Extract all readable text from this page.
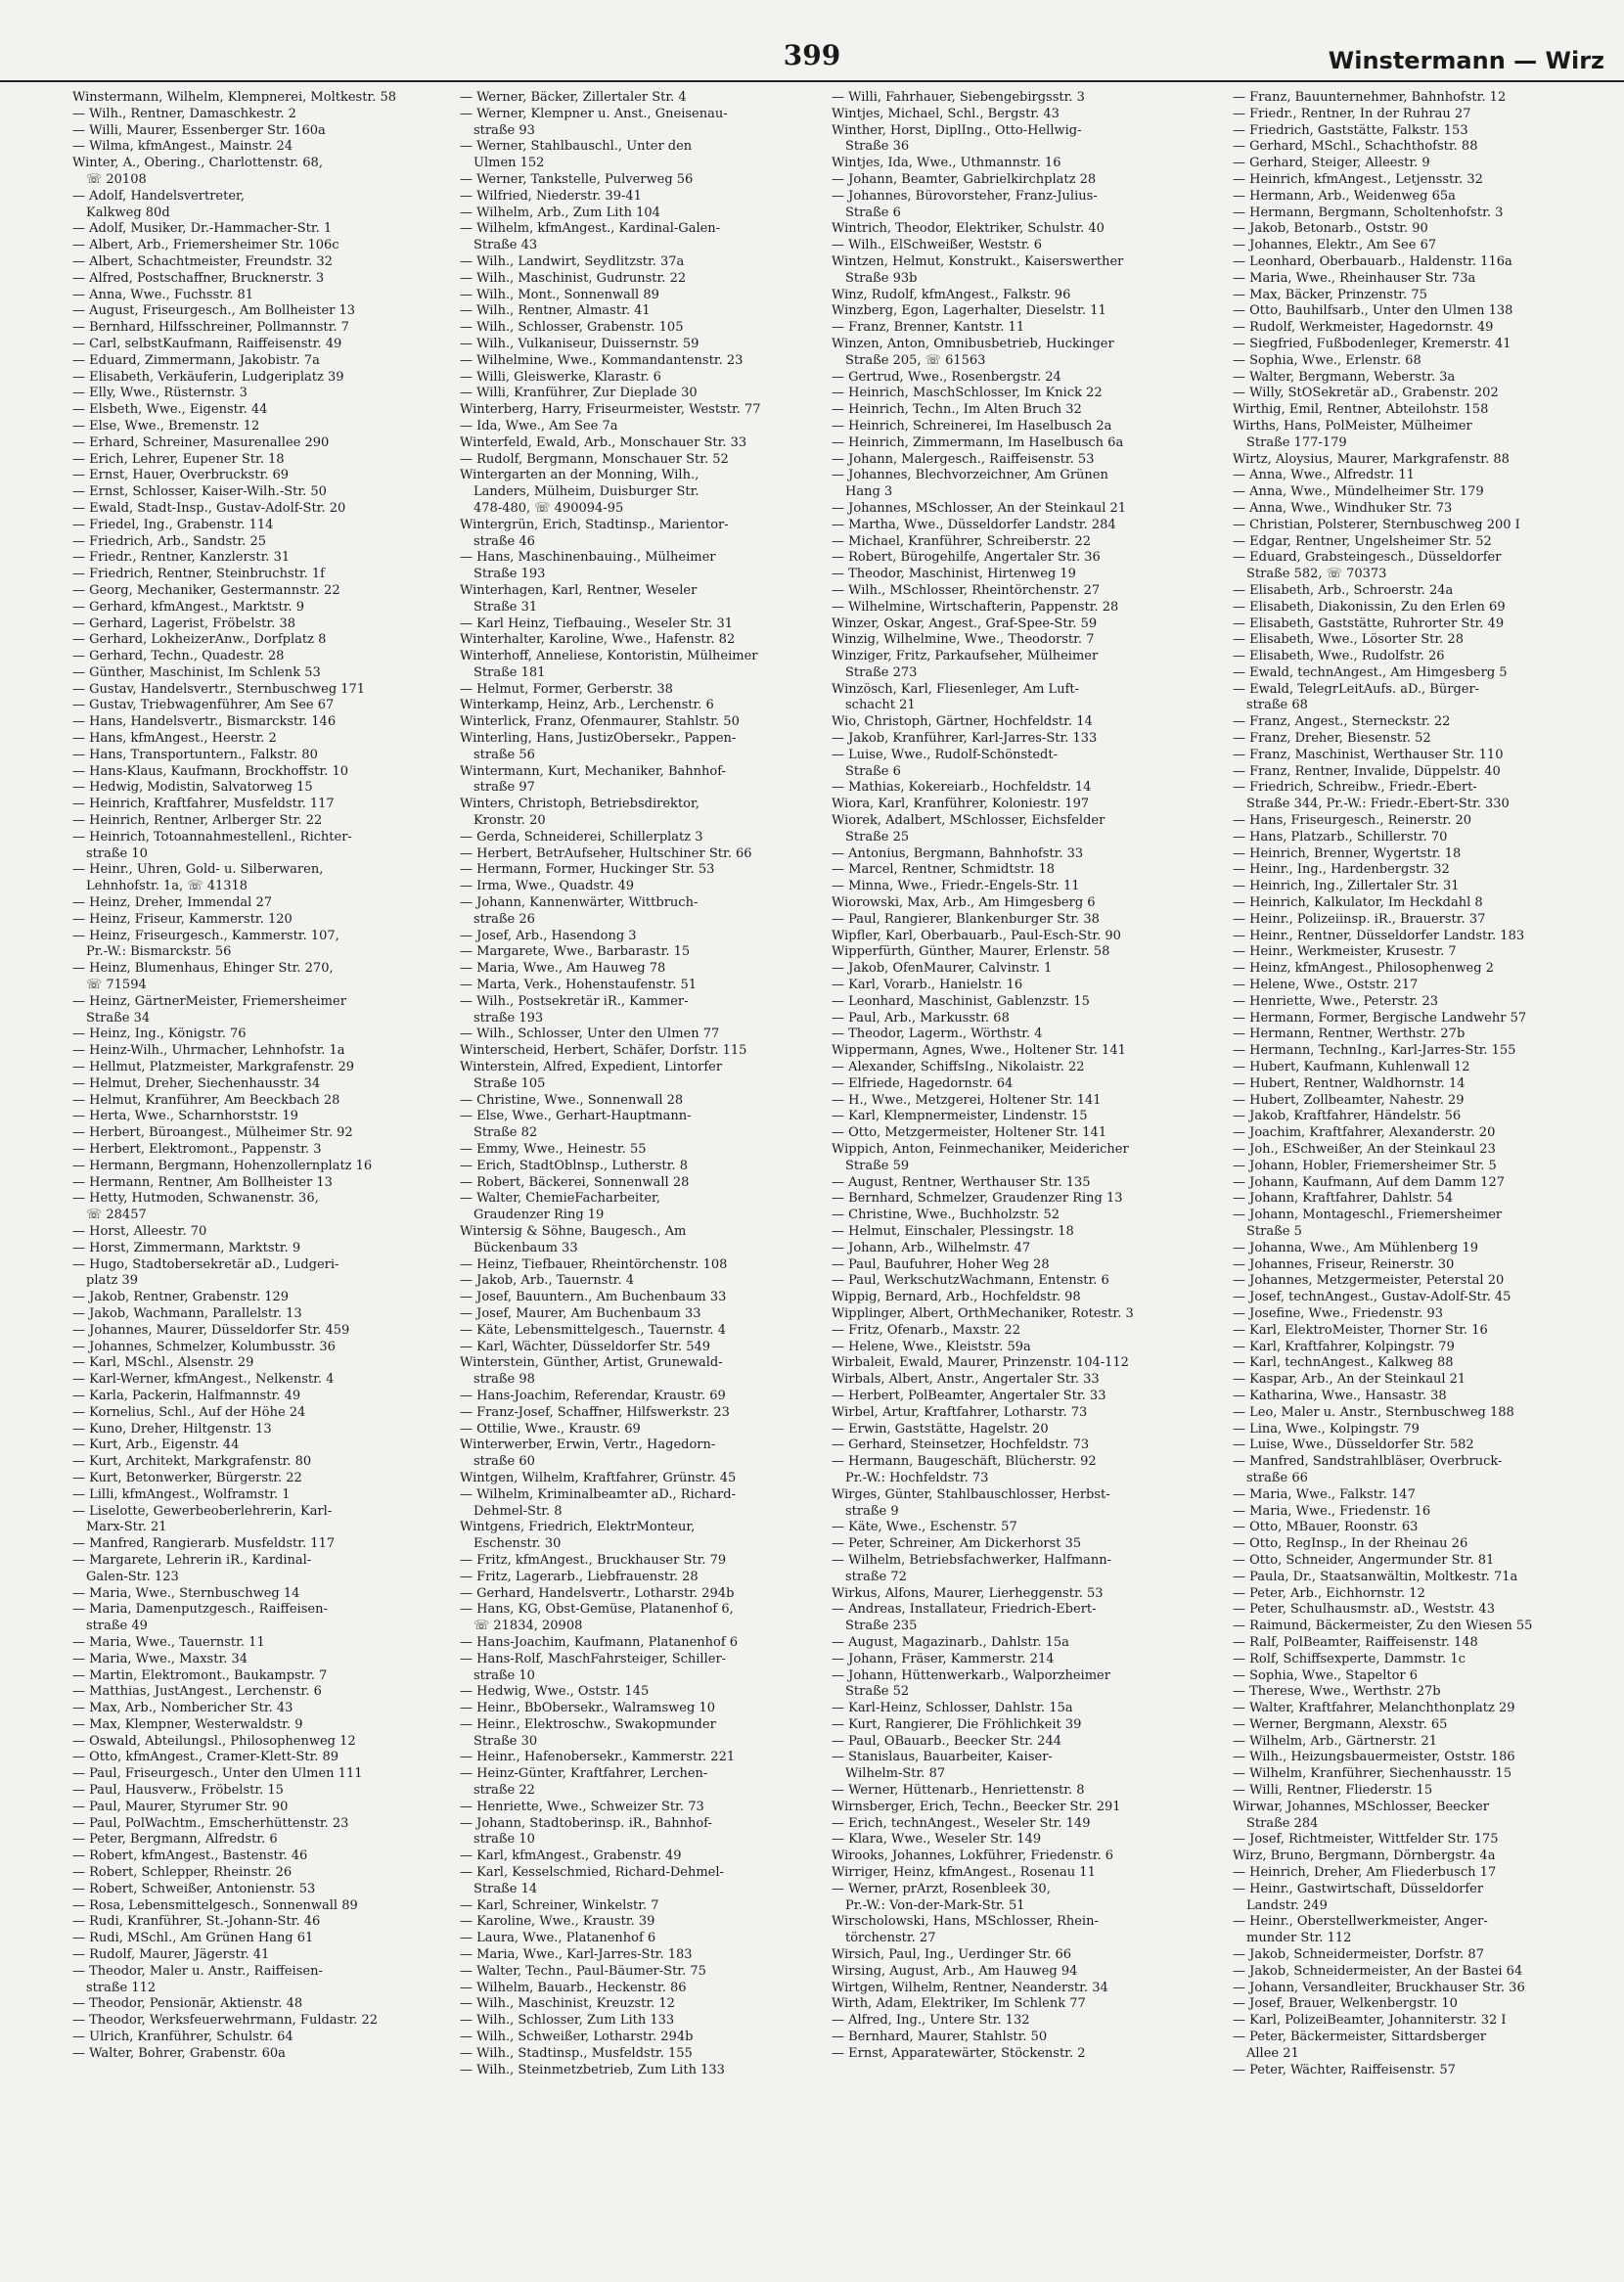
399	Winstermann — Wirz
Winstermann, Wilhelm, Klempnerei, Moltkestr. 58
— Wilh., Rentner, Damaschkestr. 2
— Willi, Maurer, Essenberger Str. 160a
— Wilma, kfmAngest., Mainstr. 24
Winter, A., Obering., Charlottenstr. 68,
☏ 20108
— Adolf, Handelsvertreter,
Kalkweg 80d
— Adolf, Musiker, Dr.-Hammacher-Str. 1
— Albert, Arb., Friemersheimer Str. 106c
— Albert, Schachtmeister, Freundstr. 32
— Alfred, Postschaffner, Brucknerstr. 3
— Anna, Wwe., Fuchsstr. 81
— August, Friseurgesch., Am Bollheister 13
— Bernhard, Hilfsschreiner, Pollmannstr. 7
— Carl, selbstKaufmann, Raiffeisenstr. 49
— Eduard, Zimmermann, Jakobistr. 7a
— Elisabeth, Verkäuferin, Ludgeriplatz 39
— Elly, Wwe., Rüsternstr. 3
— Elsbeth, Wwe., Eigenstr. 44
— Else, Wwe., Bremenstr. 12
— Erhard, Schreiner, Masurenallee 290
— Erich, Lehrer, Eupener Str. 18
— Ernst, Hauer, Overbruckstr. 69
— Ernst, Schlosser, Kaiser-Wilh.-Str. 50
— Ewald, Stadt-Insp., Gustav-Adolf-Str. 20
— Friedel, Ing., Grabenstr. 114
— Friedrich, Arb., Sandstr. 25
— Friedr., Rentner, Kanzlerstr. 31
— Friedrich, Rentner, Steinbruchstr. 1f
— Georg, Mechaniker, Gestermannstr. 22
— Gerhard, kfmAngest., Marktstr. 9
— Gerhard, Lagerist, Fröbelstr. 38
— Gerhard, LokheizerAnw., Dorfplatz 8
— Gerhard, Techn., Quadestr. 28
— Günther, Maschinist, Im Schlenk 53
— Gustav, Handelsvertr., Sternbuschweg 171
— Gustav, Triebwagenführer, Am See 67
— Hans, Handelsvertr., Bismarckstr. 146
— Hans, kfmAngest., Heerstr. 2
— Hans, Transportuntern., Falkstr. 80
— Hans-Klaus, Kaufmann, Brockhoffstr. 10
— Hedwig, Modistin, Salvatorweg 15
— Heinrich, Kraftfahrer, Musfeldstr. 117
— Heinrich, Rentner, Arlberger Str. 22
— Heinrich, Totoannahmestellenl., Richter-
straße 10
— Heinr., Uhren, Gold- u. Silberwaren,
Lehnhofstr. 1a, ☏ 41318
— Heinz, Dreher, Immendal 27
— Heinz, Friseur, Kammerstr. 120
— Heinz, Friseurgesch., Kammerstr. 107,
Pr.-W.: Bismarckstr. 56
— Heinz, Blumenhaus, Ehinger Str. 270,
☏ 71594
— Heinz, GärtnerMeister, Friemersheimer
Straße 34
— Heinz, Ing., Königstr. 76
— Heinz-Wilh., Uhrmacher, Lehnhofstr. 1a
— Hellmut, Platzmeister, Markgrafenstr. 29
— Helmut, Dreher, Siechenhausstr. 34
— Helmut, Kranführer, Am Beeckbach 28
— Herta, Wwe., Scharnhorststr. 19
— Herbert, Büroangest., Mülheimer Str. 92
— Herbert, Elektromont., Pappenstr. 3
— Hermann, Bergmann, Hohenzollernplatz 16
— Hermann, Rentner, Am Bollheister 13
— Hetty, Hutmoden, Schwanenstr. 36,
☏ 28457
— Horst, Alleestr. 70
— Horst, Zimmermann, Marktstr. 9
— Hugo, Stadtobersekretär aD., Ludgeri-
platz 39
— Jakob, Rentner, Grabenstr. 129
— Jakob, Wachmann, Parallelstr. 13
— Johannes, Maurer, Düsseldorfer Str. 459
— Johannes, Schmelzer, Kolumbusstr. 36
— Karl, MSchl., Alsenstr. 29
— Karl-Werner, kfmAngest., Nelkenstr. 4
— Karla, Packerin, Halfmannstr. 49
— Kornelius, Schl., Auf der Höhe 24
— Kuno, Dreher, Hiltgenstr. 13
— Kurt, Arb., Eigenstr. 44
— Kurt, Architekt, Markgrafenstr. 80
— Kurt, Betonwerker, Bürgerstr. 22
— Lilli, kfmAngest., Wolframstr. 1
— Liselotte, Gewerbeoberlehrerin, Karl-
Marx-Str. 21
— Manfred, Rangierarb. Musfeldstr. 117
— Margarete, Lehrerin iR., Kardinal-
Galen-Str. 123
— Maria, Wwe., Sternbuschweg 14
— Maria, Damenputzgesch., Raiffeisen-
straße 49
— Maria, Wwe., Tauernstr. 11
— Maria, Wwe., Maxstr. 34
— Martin, Elektromont., Baukampstr. 7
— Matthias, JustAngest., Lerchenstr. 6
— Max, Arb., Nombericher Str. 43
— Max, Klempner, Westerwaldstr. 9
— Oswald, Abteilungsl., Philosophenweg 12
— Otto, kfmAngest., Cramer-Klett-Str. 89
— Paul, Friseurgesch., Unter den Ulmen 111
— Paul, Hausverw., Fröbelstr. 15
— Paul, Maurer, Styrumer Str. 90
— Paul, PolWachtm., Emscherhüttenstr. 23
— Peter, Bergmann, Alfredstr. 6
— Robert, kfmAngest., Bastenstr. 46
— Robert, Schlepper, Rheinstr. 26
— Robert, Schweißer, Antonienstr. 53
— Rosa, Lebensmittelgesch., Sonnenwall 89
— Rudi, Kranführer, St.-Johann-Str. 46
— Rudi, MSchl., Am Grünen Hang 61
— Rudolf, Maurer, Jägerstr. 41
— Theodor, Maler u. Anstr., Raiffeisen-
straße 112
— Theodor, Pensionär, Aktienstr. 48
— Theodor, Werksfeuerwehrmann, Fuldastr. 22
— Ulrich, Kranführer, Schulstr. 64
— Walter, Bohrer, Grabenstr. 60a
— Werner, Bäcker, Zillertaler Str. 4
— Werner, Klempner u. Anst., Gneisenau-
straße 93
— Werner, Stahlbauschl., Unter den
Ulmen 152
— Werner, Tankstelle, Pulverweg 56
— Wilfried, Niederstr. 39-41
— Wilhelm, Arb., Zum Lith 104
— Wilhelm, kfmAngest., Kardinal-Galen-
Straße 43
— Wilh., Landwirt, Seydlitzstr. 37a
— Wilh., Maschinist, Gudrunstr. 22
— Wilh., Mont., Sonnenwall 89
— Wilh., Rentner, Almastr. 41
— Wilh., Schlosser, Grabenstr. 105
— Wilh., Vulkaniseur, Duissernstr. 59
— Wilhelmine, Wwe., Kommandantenstr. 23
— Willi, Gleiswerke, Klarastr. 6
— Willi, Kranführer, Zur Dieplade 30
Winterberg, Harry, Friseurmeister, Weststr. 77
— Ida, Wwe., Am See 7a
Winterfeld, Ewald, Arb., Monschauer Str. 33
— Rudolf, Bergmann, Monschauer Str. 52
Wintergarten an der Monning, Wilh.,
Landers, Mülheim, Duisburger Str.
478-480, ☏ 490094-95
Wintergrün, Erich, Stadtinsp., Marientor-
straße 46
— Hans, Maschinenbauing., Mülheimer
Straße 193
Winterhagen, Karl, Rentner, Weseler
Straße 31
— Karl Heinz, Tiefbauing., Weseler Str. 31
Winterhalter, Karoline, Wwe., Hafenstr. 82
Winterhoff, Anneliese, Kontoristin, Mülheimer
Straße 181
— Helmut, Former, Gerberstr. 38
Winterkamp, Heinz, Arb., Lerchenstr. 6
Winterlick, Franz, Ofenmaurer, Stahlstr. 50
Winterling, Hans, JustizObersekr., Pappen-
straße 56
Wintermann, Kurt, Mechaniker, Bahnhof-
straße 97
Winters, Christoph, Betriebsdirektor,
Kronstr. 20
— Gerda, Schneiderei, Schillerplatz 3
— Herbert, BetrAufseher, Hultschiner Str. 66
— Hermann, Former, Huckinger Str. 53
— Irma, Wwe., Quadstr. 49
— Johann, Kannenwärter, Wittbruch-
straße 26
— Josef, Arb., Hasendong 3
— Margarete, Wwe., Barbarastr. 15
— Maria, Wwe., Am Hauweg 78
— Marta, Verk., Hohenstaufenstr. 51
— Wilh., Postsekretär iR., Kammer-
straße 193
— Wilh., Schlosser, Unter den Ulmen 77
Winterscheid, Herbert, Schäfer, Dorfstr. 115
Winterstein, Alfred, Expedient, Lintorfer
Straße 105
— Christine, Wwe., Sonnenwall 28
— Else, Wwe., Gerhart-Hauptmann-
Straße 82
— Emmy, Wwe., Heinestr. 55
— Erich, StadtOblnsp., Lutherstr. 8
— Robert, Bäckerei, Sonnenwall 28
— Walter, ChemieFacharbeiter,
Graudenzer Ring 19
Wintersig & Söhne, Baugesch., Am
Bückenbaum 33
— Heinz, Tiefbauer, Rheintörchenstr. 108
— Jakob, Arb., Tauernstr. 4
— Josef, Bauuntern., Am Buchenbaum 33
— Josef, Maurer, Am Buchenbaum 33
— Käte, Lebensmittelgesch., Tauernstr. 4
— Karl, Wächter, Düsseldorfer Str. 549
Winterstein, Günther, Artist, Grunewald-
straße 98
— Hans-Joachim, Referendar, Kraustr. 69
— Franz-Josef, Schaffner, Hilfswerkstr. 23
— Ottilie, Wwe., Kraustr. 69
Winterwerber, Erwin, Vertr., Hagedorn-
straße 60
Wintgen, Wilhelm, Kraftfahrer, Grünstr. 45
— Wilhelm, Kriminalbeamter aD., Richard-
Dehmel-Str. 8
Wintgens, Friedrich, ElektrMonteur,
Eschenstr. 30
— Fritz, kfmAngest., Bruckhauser Str. 79
— Fritz, Lagerarb., Liebfrauenstr. 28
— Gerhard, Handelsvertr., Lotharstr. 294b
— Hans, KG, Obst-Gemüse, Platanenhof 6,
☏ 21834, 20908
— Hans-Joachim, Kaufmann, Platanenhof 6
— Hans-Rolf, MaschFahrsteiger, Schiller-
straße 10
— Hedwig, Wwe., Oststr. 145
— Heinr., BbObersekr., Walramsweg 10
— Heinr., Elektroschw., Swakopmunder
Straße 30
— Heinr., Hafenobersekr., Kammerstr. 221
— Heinz-Günter, Kraftfahrer, Lerchen-
straße 22
— Henriette, Wwe., Schweizer Str. 73
— Johann, Stadtoberinsp. iR., Bahnhof-
straße 10
— Karl, kfmAngest., Grabenstr. 49
— Karl, Kesselschmied, Richard-Dehmel-
Straße 14
— Karl, Schreiner, Winkelstr. 7
— Karoline, Wwe., Kraustr. 39
— Laura, Wwe., Platanenhof 6
— Maria, Wwe., Karl-Jarres-Str. 183
— Walter, Techn., Paul-Bäumer-Str. 75
— Wilhelm, Bauarb., Heckenstr. 86
— Wilh., Maschinist, Kreuzstr. 12
— Wilh., Schlosser, Zum Lith 133
— Wilh., Schweißer, Lotharstr. 294b
— Wilh., Stadtinsp., Musfeldstr. 155
— Wilh., Steinmetzbetrieb, Zum Lith 133
— Willi, Fahrhauer, Siebengebirgsstr. 3
Wintjes, Michael, Schl., Bergstr. 43
Winther, Horst, DiplIng., Otto-Hellwig-
Straße 36
Wintjes, Ida, Wwe., Uthmannstr. 16
— Johann, Beamter, Gabrielkirchplatz 28
— Johannes, Bürovorsteher, Franz-Julius-
Straße 6
Wintrich, Theodor, Elektriker, Schulstr. 40
— Wilh., ElSchweißer, Weststr. 6
Wintzen, Helmut, Konstrukt., Kaiserswerther
Straße 93b
Winz, Rudolf, kfmAngest., Falkstr. 96
Winzberg, Egon, Lagerhalter, Dieselstr. 11
— Franz, Brenner, Kantstr. 11
Winzen, Anton, Omnibusbetrieb, Huckinger
Straße 205, ☏ 61563
— Gertrud, Wwe., Rosenbergstr. 24
— Heinrich, MaschSchlosser, Im Knick 22
— Heinrich, Techn., Im Alten Bruch 32
— Heinrich, Schreinerei, Im Haselbusch 2a
— Heinrich, Zimmermann, Im Haselbusch 6a
— Johann, Malergesch., Raiffeisenstr. 53
— Johannes, Blechvorzeichner, Am Grünen
Hang 3
— Johannes, MSchlosser, An der Steinkaul 21
— Martha, Wwe., Düsseldorfer Landstr. 284
— Michael, Kranführer, Schreiberstr. 22
— Robert, Bürogehilfe, Angertaler Str. 36
— Theodor, Maschinist, Hirtenweg 19
— Wilh., MSchlosser, Rheintörchenstr. 27
— Wilhelmine, Wirtschafterin, Pappenstr. 28
Winzer, Oskar, Angest., Graf-Spee-Str. 59
Winzig, Wilhelmine, Wwe., Theodorstr. 7
Winziger, Fritz, Parkaufseher, Mülheimer
Straße 273
Winzösch, Karl, Fliesenleger, Am Luft-
schacht 21
Wio, Christoph, Gärtner, Hochfeldstr. 14
— Jakob, Kranführer, Karl-Jarres-Str. 133
— Luise, Wwe., Rudolf-Schönstedt-
Straße 6
— Mathias, Kokereiarb., Hochfeldstr. 14
Wiora, Karl, Kranführer, Koloniestr. 197
Wiorek, Adalbert, MSchlosser, Eichsfelder
Straße 25
— Antonius, Bergmann, Bahnhofstr. 33
— Marcel, Rentner, Schmidtstr. 18
— Minna, Wwe., Friedr.-Engels-Str. 11
Wiorowski, Max, Arb., Am Himgesberg 6
— Paul, Rangierer, Blankenburger Str. 38
Wipfler, Karl, Oberbauarb., Paul-Esch-Str. 90
Wipperfürth, Günther, Maurer, Erlenstr. 58
— Jakob, OfenMaurer, Calvinstr. 1
— Karl, Vorarb., Hanielstr. 16
— Leonhard, Maschinist, Gablenzstr. 15
— Paul, Arb., Markusstr. 68
— Theodor, Lagerm., Wörthstr. 4
Wippermann, Agnes, Wwe., Holtener Str. 141
— Alexander, SchiffsIng., Nikolaistr. 22
— Elfriede, Hagedornstr. 64
— H., Wwe., Metzgerei, Holtener Str. 141
— Karl, Klempnermeister, Lindenstr. 15
— Otto, Metzgermeister, Holtener Str. 141
Wippich, Anton, Feinmechaniker, Meidericher
Straße 59
— August, Rentner, Werthauser Str. 135
— Bernhard, Schmelzer, Graudenzer Ring 13
— Christine, Wwe., Buchholzstr. 52
— Helmut, Einschaler, Plessingstr. 18
— Johann, Arb., Wilhelmstr. 47
— Paul, Baufuhrer, Hoher Weg 28
— Paul, WerkschutzWachmann, Entenstr. 6
Wippig, Bernard, Arb., Hochfeldstr. 98
Wipplinger, Albert, OrthMechaniker, Rotestr. 3
— Fritz, Ofenarb., Maxstr. 22
— Helene, Wwe., Kleiststr. 59a
Wirbaleit, Ewald, Maurer, Prinzenstr. 104-112
Wirbals, Albert, Anstr., Angertaler Str. 33
— Herbert, PolBeamter, Angertaler Str. 33
Wirbel, Artur, Kraftfahrer, Lotharstr. 73
— Erwin, Gaststätte, Hagelstr. 20
— Gerhard, Steinsetzer, Hochfeldstr. 73
— Hermann, Baugeschäft, Blücherstr. 92
Pr.-W.: Hochfeldstr. 73
Wirges, Günter, Stahlbauschlosser, Herbst-
straße 9
— Käte, Wwe., Eschenstr. 57
— Peter, Schreiner, Am Dickerhorst 35
— Wilhelm, Betriebsfachwerker, Halfmann-
straße 72
Wirkus, Alfons, Maurer, Lierheggenstr. 53
— Andreas, Installateur, Friedrich-Ebert-
Straße 235
— August, Magazinarb., Dahlstr. 15a
— Johann, Fräser, Kammerstr. 214
— Johann, Hüttenwerkarb., Walporzheimer
Straße 52
— Karl-Heinz, Schlosser, Dahlstr. 15a
— Kurt, Rangierer, Die Fröhlichkeit 39
— Paul, ÖBauarb., Beecker Str. 244
— Stanislaus, Bauarbeiter, Kaiser-
Wilhelm-Str. 87
— Werner, Hüttenarb., Henriettenstr. 8
Wirnsberger, Erich, Techn., Beecker Str. 291
— Erich, technAngest., Weseler Str. 149
— Klara, Wwe., Weseler Str. 149
Wirooks, Johannes, Lokführer, Friedenstr. 6
Wirriger, Heinz, kfmAngest., Rosenau 11
— Werner, prArzt, Rosenbleek 30,
Pr.-W.: Von-der-Mark-Str. 51
Wirscholowski, Hans, MSchlosser, Rhein-
törchenstr. 27
Wirsich, Paul, Ing., Uerdinger Str. 66
Wirsing, August, Arb., Am Hauweg 94
Wirtgen, Wilhelm, Rentner, Neanderstr. 34
Wirth, Adam, Elektriker, Im Schlenk 77
— Alfred, Ing., Untere Str. 132
— Bernhard, Maurer, Stahlstr. 50
— Ernst, Apparatewärter, Stöckenstr. 2
— Franz, Bauunternehmer, Bahnhofstr. 12
— Friedr., Rentner, In der Ruhrau 27
— Friedrich, Gaststätte, Falkstr. 153
— Gerhard, MSchl., Schachthofstr. 88
— Gerhard, Steiger, Alleestr. 9
— Heinrich, kfmAngest., Letjensstr. 32
— Hermann, Arb., Weidenweg 65a
— Hermann, Bergmann, Scholtenhofstr. 3
— Jakob, Betonarb., Oststr. 90
— Johannes, Elektr., Am See 67
— Leonhard, Oberbauarb., Haldenstr. 116a
— Maria, Wwe., Rheinhauser Str. 73a
— Max, Bäcker, Prinzenstr. 75
— Otto, Bauhilfsarb., Unter den Ulmen 138
— Rudolf, Werkmeister, Hagedornstr. 49
— Siegfried, Fußbodenleger, Kremerstr. 41
— Sophia, Wwe., Erlenstr. 68
— Walter, Bergmann, Weberstr. 3a
— Willy, StOSekretär aD., Grabenstr. 202
Wirthig, Emil, Rentner, Abteilohstr. 158
Wirths, Hans, PolMeister, Mülheimer
Straße 177-179
Wirtz, Aloysius, Maurer, Markgrafenstr. 88
— Anna, Wwe., Alfredstr. 11
— Anna, Wwe., Mündelheimer Str. 179
— Anna, Wwe., Windhuker Str. 73
— Christian, Polsterer, Sternbuschweg 200 I
— Edgar, Rentner, Ungelsheimer Str. 52
— Eduard, Grabsteingesch., Düsseldorfer
Straße 582, ☏ 70373
— Elisabeth, Arb., Schroerstr. 24a
— Elisabeth, Diakonissin, Zu den Erlen 69
— Elisabeth, Gaststätte, Ruhrorter Str. 49
— Elisabeth, Wwe., Lösorter Str. 28
— Elisabeth, Wwe., Rudolfstr. 26
— Ewald, technAngest., Am Himgesberg 5
— Ewald, TelegrLeitAufs. aD., Bürger-
straße 68
— Franz, Angest., Sterneckstr. 22
— Franz, Dreher, Biesenstr. 52
— Franz, Maschinist, Werthauser Str. 110
— Franz, Rentner, Invalide, Düppelstr. 40
— Friedrich, Schreibw., Friedr.-Ebert-
Straße 344, Pr.-W.: Friedr.-Ebert-Str. 330
— Hans, Friseurgesch., Reinerstr. 20
— Hans, Platzarb., Schillerstr. 70
— Heinrich, Brenner, Wygertstr. 18
— Heinr., Ing., Hardenbergstr. 32
— Heinrich, Ing., Zillertaler Str. 31
— Heinrich, Kalkulator, Im Heckdahl 8
— Heinr., Polizeiinsp. iR., Brauerstr. 37
— Heinr., Rentner, Düsseldorfer Landstr. 183
— Heinr., Werkmeister, Krusestr. 7
— Heinz, kfmAngest., Philosophenweg 2
— Helene, Wwe., Oststr. 217
— Henriette, Wwe., Peterstr. 23
— Hermann, Former, Bergische Landwehr 57
— Hermann, Rentner, Werthstr. 27b
— Hermann, TechnIng., Karl-Jarres-Str. 155
— Hubert, Kaufmann, Kuhlenwall 12
— Hubert, Rentner, Waldhornstr. 14
— Hubert, Zollbeamter, Nahestr. 29
— Jakob, Kraftfahrer, Händelstr. 56
— Joachim, Kraftfahrer, Alexanderstr. 20
— Joh., ESchweißer, An der Steinkaul 23
— Johann, Hobler, Friemersheimer Str. 5
— Johann, Kaufmann, Auf dem Damm 127
— Johann, Kraftfahrer, Dahlstr. 54
— Johann, Montageschl., Friemersheimer
Straße 5
— Johanna, Wwe., Am Mühlenberg 19
— Johannes, Friseur, Reinerstr. 30
— Johannes, Metzgermeister, Peterstal 20
— Josef, technAngest., Gustav-Adolf-Str. 45
— Josefine, Wwe., Friedenstr. 93
— Karl, ElektroMeister, Thorner Str. 16
— Karl, Kraftfahrer, Kolpingstr. 79
— Karl, technAngest., Kalkweg 88
— Kaspar, Arb., An der Steinkaul 21
— Katharina, Wwe., Hansastr. 38
— Leo, Maler u. Anstr., Sternbuschweg 188
— Lina, Wwe., Kolpingstr. 79
— Luise, Wwe., Düsseldorfer Str. 582
— Manfred, Sandstrahlbläser, Overbruck-
straße 66
— Maria, Wwe., Falkstr. 147
— Maria, Wwe., Friedenstr. 16
— Otto, MBauer, Roonstr. 63
— Otto, RegInsp., In der Rheinau 26
— Otto, Schneider, Angermunder Str. 81
— Paula, Dr., Staatsanwältin, Moltkestr. 71a
— Peter, Arb., Eichhornstr. 12
— Peter, Schulhausmstr. aD., Weststr. 43
— Raimund, Bäckermeister, Zu den Wiesen 55
— Ralf, PolBeamter, Raiffeisenstr. 148
— Rolf, Schiffsexperte, Dammstr. 1c
— Sophia, Wwe., Stapeltor 6
— Therese, Wwe., Werthstr. 27b
— Walter, Kraftfahrer, Melanchthonplatz 29
— Werner, Bergmann, Alexstr. 65
— Wilhelm, Arb., Gärtnerstr. 21
— Wilh., Heizungsbauermeister, Oststr. 186
— Wilhelm, Kranführer, Siechenhausstr. 15
— Willi, Rentner, Fliederstr. 15
Wirwar, Johannes, MSchlosser, Beecker
Straße 284
— Josef, Richtmeister, Wittfelder Str. 175
Wirz, Bruno, Bergmann, Dörnbergstr. 4a
— Heinrich, Dreher, Am Fliederbusch 17
— Heinr., Gastwirtschaft, Düsseldorfer
Landstr. 249
— Heinr., Oberstellwerkmeister, Anger-
munder Str. 112
— Jakob, Schneidermeister, Dorfstr. 87
— Jakob, Schneidermeister, An der Bastei 64
— Johann, Versandleiter, Bruckhauser Str. 36
— Josef, Brauer, Welkenbergstr. 10
— Karl, PolizeiBeamter, Johanniterstr. 32 I
— Peter, Bäckermeister, Sittardsberger
Allee 21
— Peter, Wächter, Raiffeisenstr. 57
